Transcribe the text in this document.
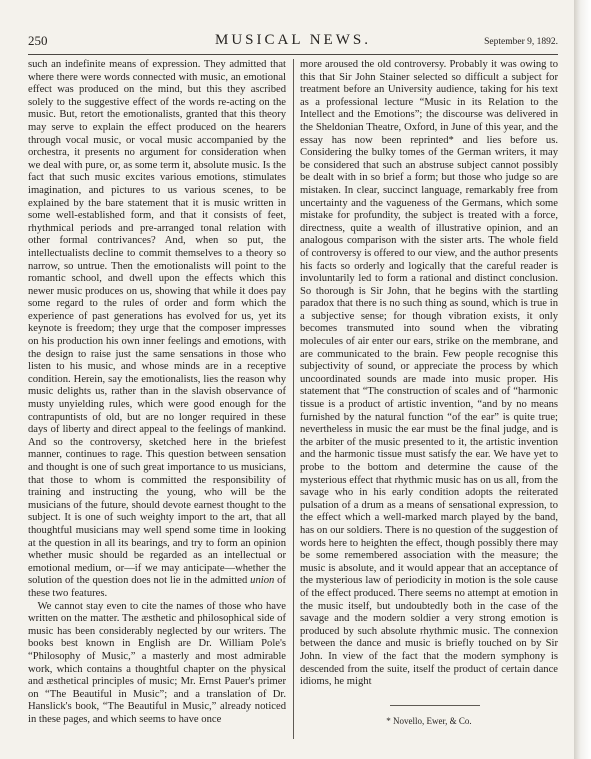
250	MUSICAL NEWS.	September 9, 1892.

such an indefinite means of expression. They admitted that where there were words connected with music, an emotional effect was produced on the mind, but this they ascribed solely to the suggestive effect of the words re-acting on the music. But, retort the emotionalists, granted that this theory may serve to explain the effect produced on the hearers through vocal music, or vocal music accompanied by the orchestra, it presents no argument for consideration when we deal with pure, or, as some term it, absolute music. Is the fact that such music excites various emotions, stimulates imagination, and pictures to us various scenes, to be explained by the bare statement that it is music written in some well-established form, and that it consists of feet, rhythmical periods and pre-arranged tonal relation with other formal contrivances? And, when so put, the intellectualists decline to commit themselves to a theory so narrow, so untrue. Then the emotionalists will point to the romantic school, and dwell upon the effects which this newer music produces on us, showing that while it does pay some regard to the rules of order and form which the experience of past generations has evolved for us, yet its keynote is freedom; they urge that the composer impresses on his production his own inner feelings and emotions, with the design to raise just the same sensations in those who listen to his music, and whose minds are in a receptive condition. Herein, say the emotionalists, lies the reason why music delights us, rather than in the slavish observance of musty unyielding rules, which were good enough for the contrapuntists of old, but are no longer required in these days of liberty and direct appeal to the feelings of mankind. And so the controversy, sketched here in the briefest manner, continues to rage. This question between sensation and thought is one of such great importance to us musicians, that those to whom is committed the responsibility of training and instructing the young, who will be the musicians of the future, should devote earnest thought to the subject. It is one of such weighty import to the art, that all thoughtful musicians may well spend some time in looking at the question in all its bearings, and try to form an opinion whether music should be regarded as an intellectual or emotional medium, or—if we may anticipate—whether the solution of the question does not lie in the admitted union of these two features.

We cannot stay even to cite the names of those who have written on the matter. The æsthetic and philosophical side of music has been considerably neglected by our writers. The books best known in English are Dr. William Pole's “Philosophy of Music,” a masterly and most admirable work, which contains a thoughtful chapter on the physical and æsthetical principles of music; Mr. Ernst Pauer's primer on “The Beautiful in Music”; and a translation of Dr. Hanslick's book, “The Beautiful in Music,” already noticed in these pages, and which seems to have once

more aroused the old controversy. Probably it was owing to this that Sir John Stainer selected so difficult a subject for treatment before an University audience, taking for his text as a professional lecture “Music in its Relation to the Intellect and the Emotions”; the discourse was delivered in the Sheldonian Theatre, Oxford, in June of this year, and the essay has now been reprinted* and lies before us. Considering the bulky tomes of the German writers, it may be considered that such an abstruse subject cannot possibly be dealt with in so brief a form; but those who judge so are mistaken. In clear, succinct language, remarkably free from uncertainty and the vagueness of the Germans, which some mistake for profundity, the subject is treated with a force, directness, quite a wealth of illustrative opinion, and an analogous comparison with the sister arts. The whole field of controversy is offered to our view, and the author presents his facts so orderly and logically that the careful reader is involuntarily led to form a rational and distinct conclusion. So thorough is Sir John, that he begins with the startling paradox that there is no such thing as sound, which is true in a subjective sense; for though vibration exists, it only becomes transmuted into sound when the vibrating molecules of air enter our ears, strike on the membrane, and are communicated to the brain. Few people recognise this subjectivity of sound, or appreciate the process by which uncoordinated sounds are made into music proper. His statement that “The construction of scales and of “harmonic tissue is a product of artistic invention, “and by no means furnished by the natural function “of the ear” is quite true; nevertheless in music the ear must be the final judge, and is the arbiter of the music presented to it, the artistic invention and the harmonic tissue must satisfy the ear. We have yet to probe to the bottom and determine the cause of the mysterious effect that rhythmic music has on us all, from the savage who in his early condition adopts the reiterated pulsation of a drum as a means of sensational expression, to the effect which a well-marked march played by the band, has on our soldiers. There is no question of the suggestion of words here to heighten the effect, though possibly there may be some remembered association with the measure; the music is absolute, and it would appear that an acceptance of the mysterious law of periodicity in motion is the sole cause of the effect produced. There seems no attempt at emotion in the music itself, but undoubtedly both in the case of the savage and the modern soldier a very strong emotion is produced by such absolute rhythmic music. The connexion between the dance and music is briefly touched on by Sir John. In view of the fact that the modern symphony is descended from the suite, itself the product of certain dance idioms, he might

* Novello, Ewer, & Co.
